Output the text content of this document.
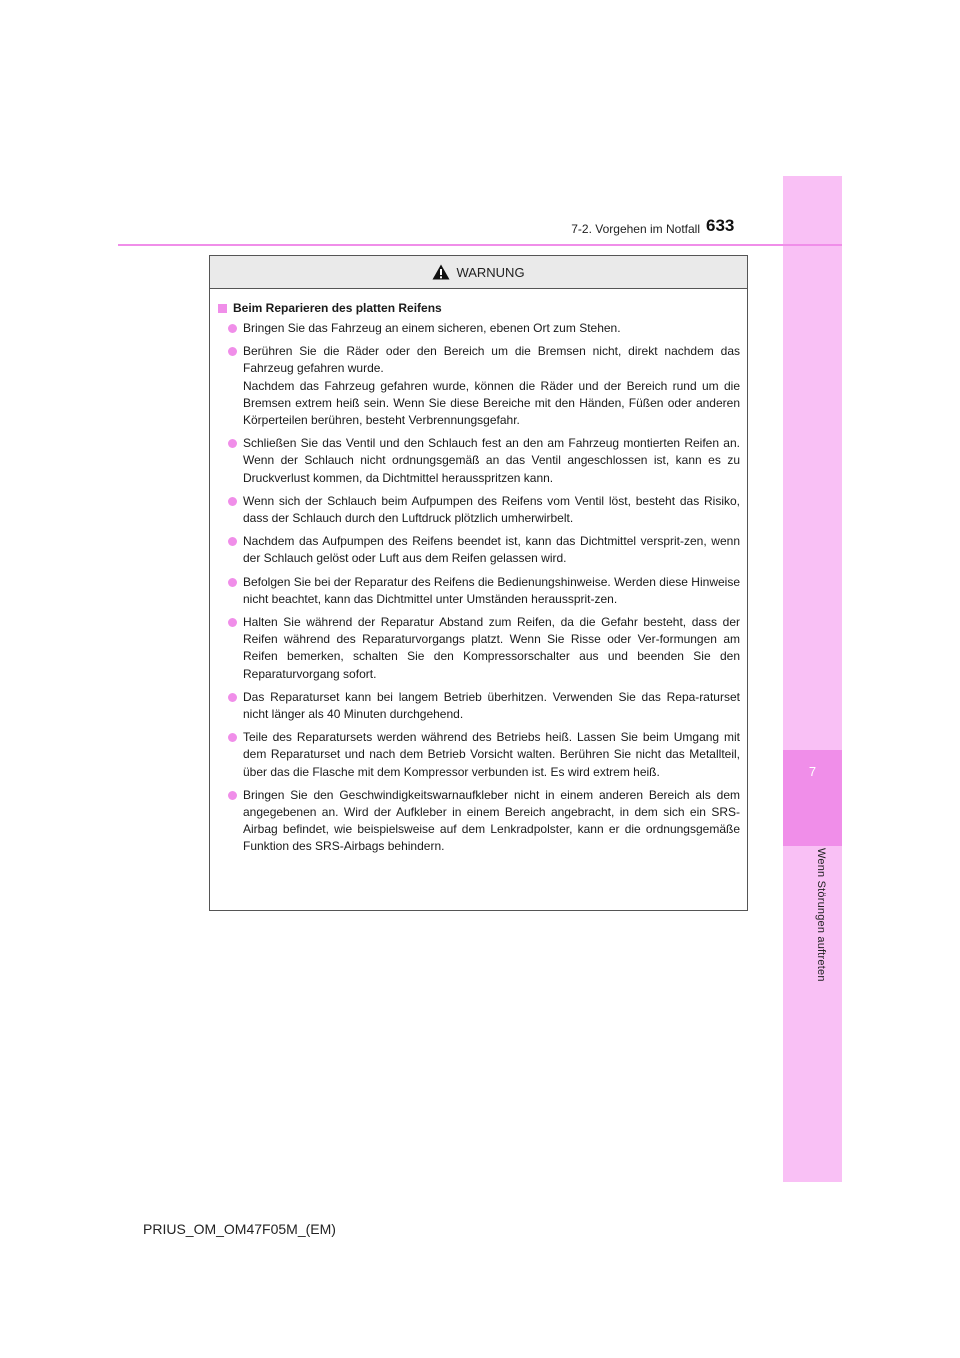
7
Wenn Störungen auftreten
7-2. Vorgehen im Notfall 633
WARNUNG
Beim Reparieren des platten Reifens
Bringen Sie das Fahrzeug an einem sicheren, ebenen Ort zum Stehen.
Berühren Sie die Räder oder den Bereich um die Bremsen nicht, direkt nachdem das Fahrzeug gefahren wurde.
Nachdem das Fahrzeug gefahren wurde, können die Räder und der Bereich rund um die Bremsen extrem heiß sein. Wenn Sie diese Bereiche mit den Händen, Füßen oder anderen Körperteilen berühren, besteht Verbrennungsgefahr.
Schließen Sie das Ventil und den Schlauch fest an den am Fahrzeug montierten Reifen an. Wenn der Schlauch nicht ordnungsgemäß an das Ventil angeschlossen ist, kann es zu Druckverlust kommen, da Dichtmittel herausspritzen kann.
Wenn sich der Schlauch beim Aufpumpen des Reifens vom Ventil löst, besteht das Risiko, dass der Schlauch durch den Luftdruck plötzlich umherwirbelt.
Nachdem das Aufpumpen des Reifens beendet ist, kann das Dichtmittel versprit-zen, wenn der Schlauch gelöst oder Luft aus dem Reifen gelassen wird.
Befolgen Sie bei der Reparatur des Reifens die Bedienungshinweise. Werden diese Hinweise nicht beachtet, kann das Dichtmittel unter Umständen heraussprit-zen.
Halten Sie während der Reparatur Abstand zum Reifen, da die Gefahr besteht, dass der Reifen während des Reparaturvorgangs platzt. Wenn Sie Risse oder Ver-formungen am Reifen bemerken, schalten Sie den Kompressorschalter aus und beenden Sie den Reparaturvorgang sofort.
Das Reparaturset kann bei langem Betrieb überhitzen. Verwenden Sie das Repa-raturset nicht länger als 40 Minuten durchgehend.
Teile des Reparatursets werden während des Betriebs heiß. Lassen Sie beim Umgang mit dem Reparaturset und nach dem Betrieb Vorsicht walten. Berühren Sie nicht das Metallteil, über das die Flasche mit dem Kompressor verbunden ist. Es wird extrem heiß.
Bringen Sie den Geschwindigkeitswarnaufkleber nicht in einem anderen Bereich als dem angegebenen an. Wird der Aufkleber in einem Bereich angebracht, in dem sich ein SRS-Airbag befindet, wie beispielsweise auf dem Lenkradpolster, kann er die ordnungsgemäße Funktion des SRS-Airbags behindern.
PRIUS_OM_OM47F05M_(EM)
